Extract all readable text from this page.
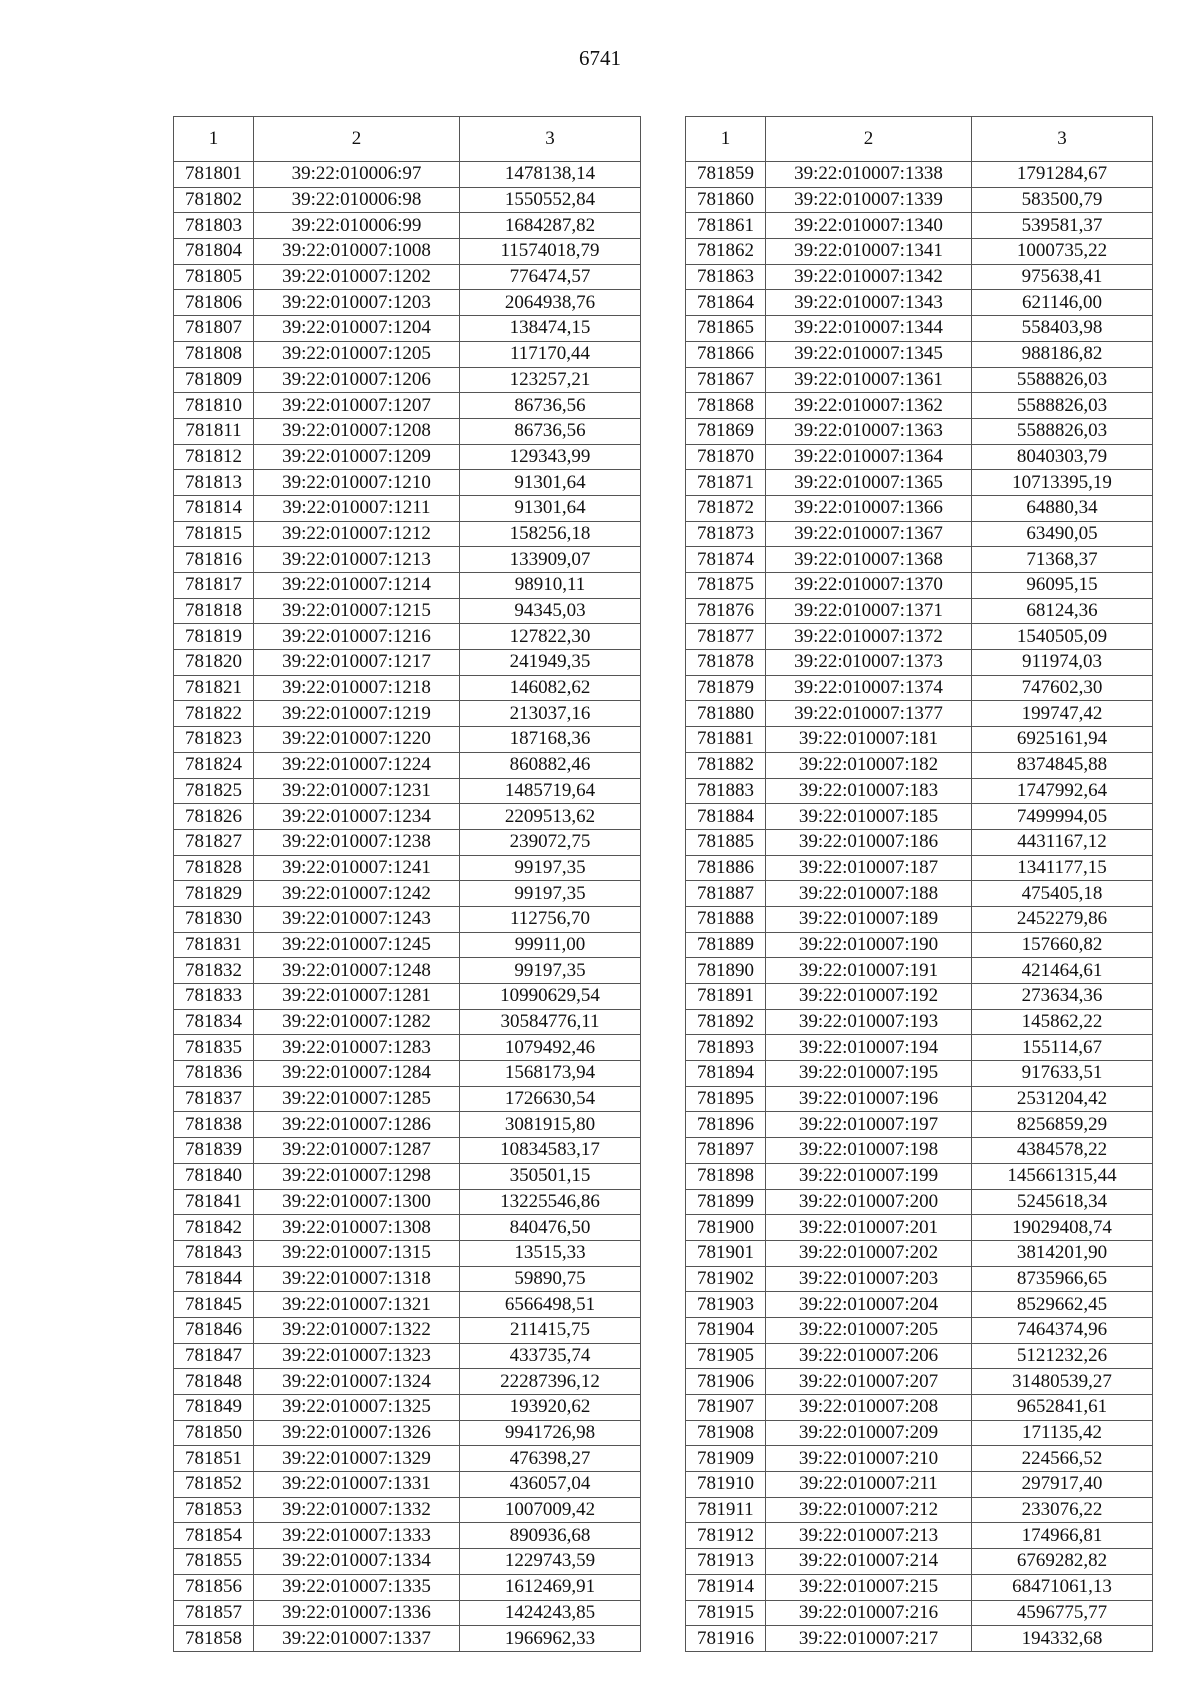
6741
1	2	3
781801	39:22:010006:97	1478138,14
781802	39:22:010006:98	1550552,84
781803	39:22:010006:99	1684287,82
781804	39:22:010007:1008	11574018,79
781805	39:22:010007:1202	776474,57
781806	39:22:010007:1203	2064938,76
781807	39:22:010007:1204	138474,15
781808	39:22:010007:1205	117170,44
781809	39:22:010007:1206	123257,21
781810	39:22:010007:1207	86736,56
781811	39:22:010007:1208	86736,56
781812	39:22:010007:1209	129343,99
781813	39:22:010007:1210	91301,64
781814	39:22:010007:1211	91301,64
781815	39:22:010007:1212	158256,18
781816	39:22:010007:1213	133909,07
781817	39:22:010007:1214	98910,11
781818	39:22:010007:1215	94345,03
781819	39:22:010007:1216	127822,30
781820	39:22:010007:1217	241949,35
781821	39:22:010007:1218	146082,62
781822	39:22:010007:1219	213037,16
781823	39:22:010007:1220	187168,36
781824	39:22:010007:1224	860882,46
781825	39:22:010007:1231	1485719,64
781826	39:22:010007:1234	2209513,62
781827	39:22:010007:1238	239072,75
781828	39:22:010007:1241	99197,35
781829	39:22:010007:1242	99197,35
781830	39:22:010007:1243	112756,70
781831	39:22:010007:1245	99911,00
781832	39:22:010007:1248	99197,35
781833	39:22:010007:1281	10990629,54
781834	39:22:010007:1282	30584776,11
781835	39:22:010007:1283	1079492,46
781836	39:22:010007:1284	1568173,94
781837	39:22:010007:1285	1726630,54
781838	39:22:010007:1286	3081915,80
781839	39:22:010007:1287	10834583,17
781840	39:22:010007:1298	350501,15
781841	39:22:010007:1300	13225546,86
781842	39:22:010007:1308	840476,50
781843	39:22:010007:1315	13515,33
781844	39:22:010007:1318	59890,75
781845	39:22:010007:1321	6566498,51
781846	39:22:010007:1322	211415,75
781847	39:22:010007:1323	433735,74
781848	39:22:010007:1324	22287396,12
781849	39:22:010007:1325	193920,62
781850	39:22:010007:1326	9941726,98
781851	39:22:010007:1329	476398,27
781852	39:22:010007:1331	436057,04
781853	39:22:010007:1332	1007009,42
781854	39:22:010007:1333	890936,68
781855	39:22:010007:1334	1229743,59
781856	39:22:010007:1335	1612469,91
781857	39:22:010007:1336	1424243,85
781858	39:22:010007:1337	1966962,33
1	2	3
781859	39:22:010007:1338	1791284,67
781860	39:22:010007:1339	583500,79
781861	39:22:010007:1340	539581,37
781862	39:22:010007:1341	1000735,22
781863	39:22:010007:1342	975638,41
781864	39:22:010007:1343	621146,00
781865	39:22:010007:1344	558403,98
781866	39:22:010007:1345	988186,82
781867	39:22:010007:1361	5588826,03
781868	39:22:010007:1362	5588826,03
781869	39:22:010007:1363	5588826,03
781870	39:22:010007:1364	8040303,79
781871	39:22:010007:1365	10713395,19
781872	39:22:010007:1366	64880,34
781873	39:22:010007:1367	63490,05
781874	39:22:010007:1368	71368,37
781875	39:22:010007:1370	96095,15
781876	39:22:010007:1371	68124,36
781877	39:22:010007:1372	1540505,09
781878	39:22:010007:1373	911974,03
781879	39:22:010007:1374	747602,30
781880	39:22:010007:1377	199747,42
781881	39:22:010007:181	6925161,94
781882	39:22:010007:182	8374845,88
781883	39:22:010007:183	1747992,64
781884	39:22:010007:185	7499994,05
781885	39:22:010007:186	4431167,12
781886	39:22:010007:187	1341177,15
781887	39:22:010007:188	475405,18
781888	39:22:010007:189	2452279,86
781889	39:22:010007:190	157660,82
781890	39:22:010007:191	421464,61
781891	39:22:010007:192	273634,36
781892	39:22:010007:193	145862,22
781893	39:22:010007:194	155114,67
781894	39:22:010007:195	917633,51
781895	39:22:010007:196	2531204,42
781896	39:22:010007:197	8256859,29
781897	39:22:010007:198	4384578,22
781898	39:22:010007:199	145661315,44
781899	39:22:010007:200	5245618,34
781900	39:22:010007:201	19029408,74
781901	39:22:010007:202	3814201,90
781902	39:22:010007:203	8735966,65
781903	39:22:010007:204	8529662,45
781904	39:22:010007:205	7464374,96
781905	39:22:010007:206	5121232,26
781906	39:22:010007:207	31480539,27
781907	39:22:010007:208	9652841,61
781908	39:22:010007:209	171135,42
781909	39:22:010007:210	224566,52
781910	39:22:010007:211	297917,40
781911	39:22:010007:212	233076,22
781912	39:22:010007:213	174966,81
781913	39:22:010007:214	6769282,82
781914	39:22:010007:215	68471061,13
781915	39:22:010007:216	4596775,77
781916	39:22:010007:217	194332,68
